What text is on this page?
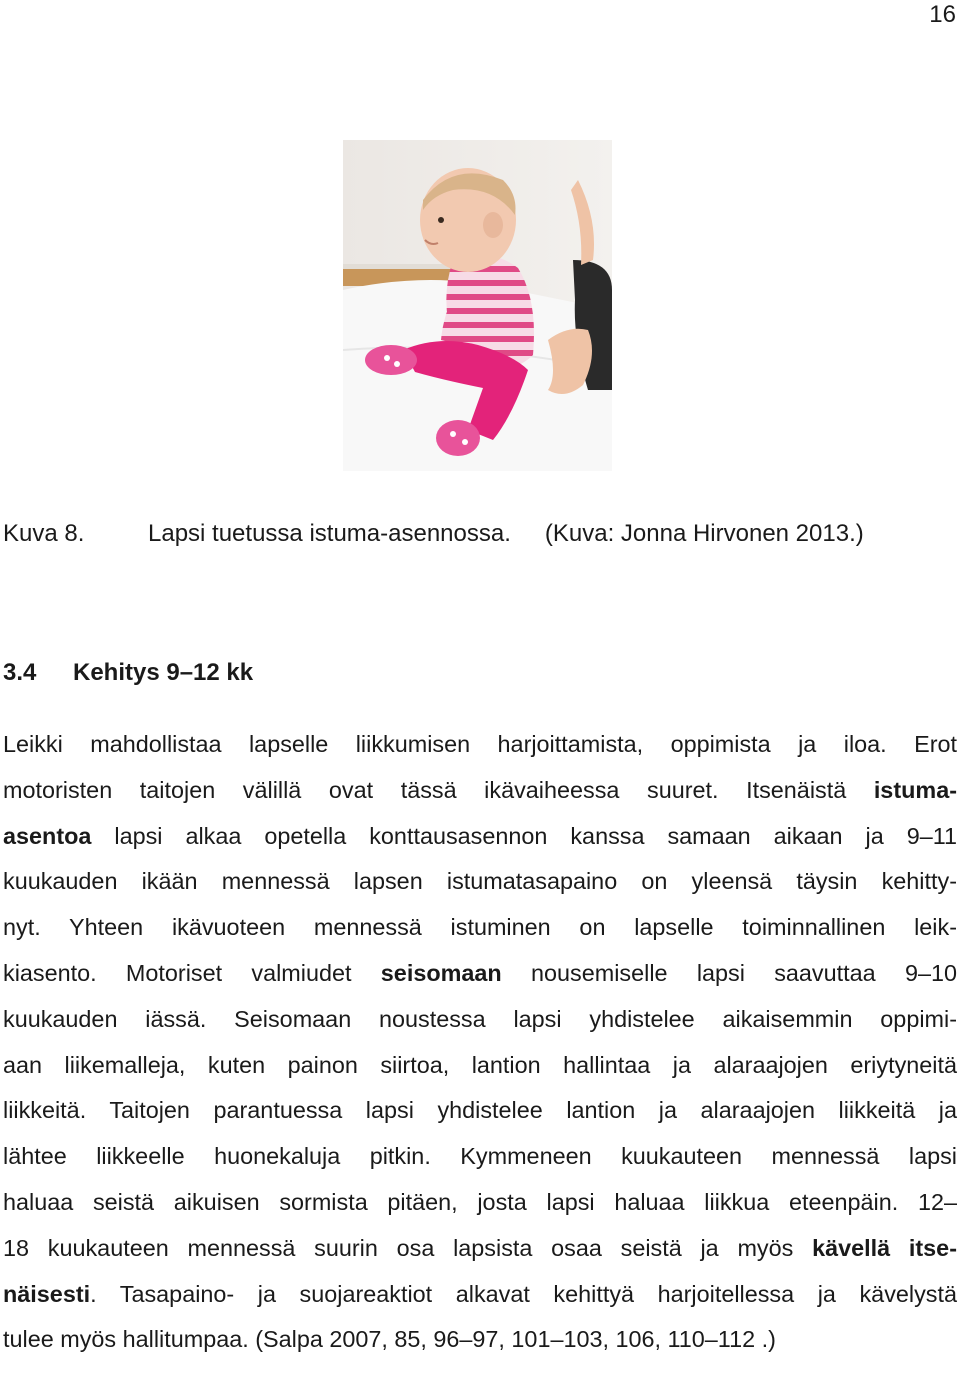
16
Kuva 8.	Lapsi tuetussa istuma-asennossa. (Kuva: Jonna Hirvonen 2013.)
3.4 Kehitys 9–12 kk
Leikki mahdollistaa lapselle liikkumisen harjoittamista, oppimista ja iloa. Erot
motoristen taitojen välillä ovat tässä ikävaiheessa suuret. Itsenäistä istuma-
asentoa lapsi alkaa opetella konttausasennon kanssa samaan aikaan ja 9–11
kuukauden ikään mennessä lapsen istumatasapaino on yleensä täysin kehitty-
nyt. Yhteen ikävuoteen mennessä istuminen on lapselle toiminnallinen leik-
kiasento. Motoriset valmiudet seisomaan nousemiselle lapsi saavuttaa 9–10
kuukauden iässä. Seisomaan noustessa lapsi yhdistelee aikaisemmin oppimi-
aan liikemalleja, kuten painon siirtoa, lantion hallintaa ja alaraajojen eriytyneitä
liikkeitä. Taitojen parantuessa lapsi yhdistelee lantion ja alaraajojen liikkeitä ja
lähtee liikkeelle huonekaluja pitkin. Kymmeneen kuukauteen mennessä lapsi
haluaa seistä aikuisen sormista pitäen, josta lapsi haluaa liikkua eteenpäin. 12–
18 kuukauteen mennessä suurin osa lapsista osaa seistä ja myös kävellä itse-
näisesti. Tasapaino- ja suojareaktiot alkavat kehittyä harjoitellessa ja kävelystä
tulee myös hallitumpaa. (Salpa 2007, 85, 96–97, 101–103, 106, 110–112 .)
